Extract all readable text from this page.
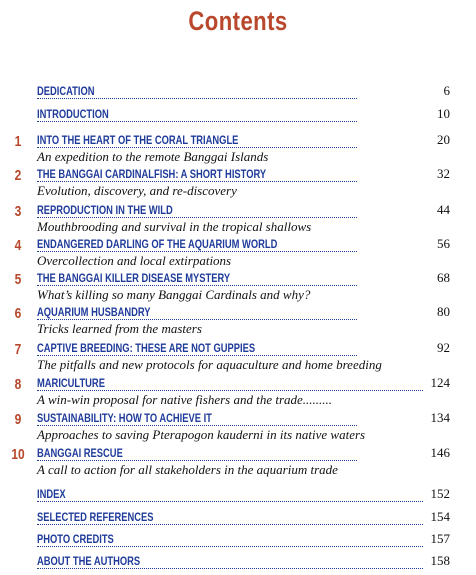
Contents
DEDICATION	6
INTRODUCTION	10
1	INTO THE HEART OF THE CORAL TRIANGLE	20
An expedition to the remote Banggai Islands
2	THE BANGGAI CARDINALFISH: A SHORT HISTORY	32
Evolution, discovery, and re-discovery
3	REPRODUCTION IN THE WILD	44
Mouthbrooding and survival in the tropical shallows
4	ENDANGERED DARLING OF THE AQUARIUM WORLD	56
Overcollection and local extirpations
5	THE BANGGAI KILLER DISEASE MYSTERY	68
What’s killing so many Banggai Cardinals and why?
6	AQUARIUM HUSBANDRY	80
Tricks learned from the masters
7	CAPTIVE BREEDING: THESE ARE NOT GUPPIES	92
The pitfalls and new protocols for aquaculture and home breeding
8	MARICULTURE	124
A win-win proposal for native fishers and the trade.........
9	SUSTAINABILITY: HOW TO ACHIEVE IT	134
Approaches to saving Pterapogon kauderni in its native waters
10 BANGGAI RESCUE	146
A call to action for all stakeholders in the aquarium trade
INDEX	152
SELECTED REFERENCES	154
PHOTO CREDITS	157
ABOUT THE AUTHORS	158
